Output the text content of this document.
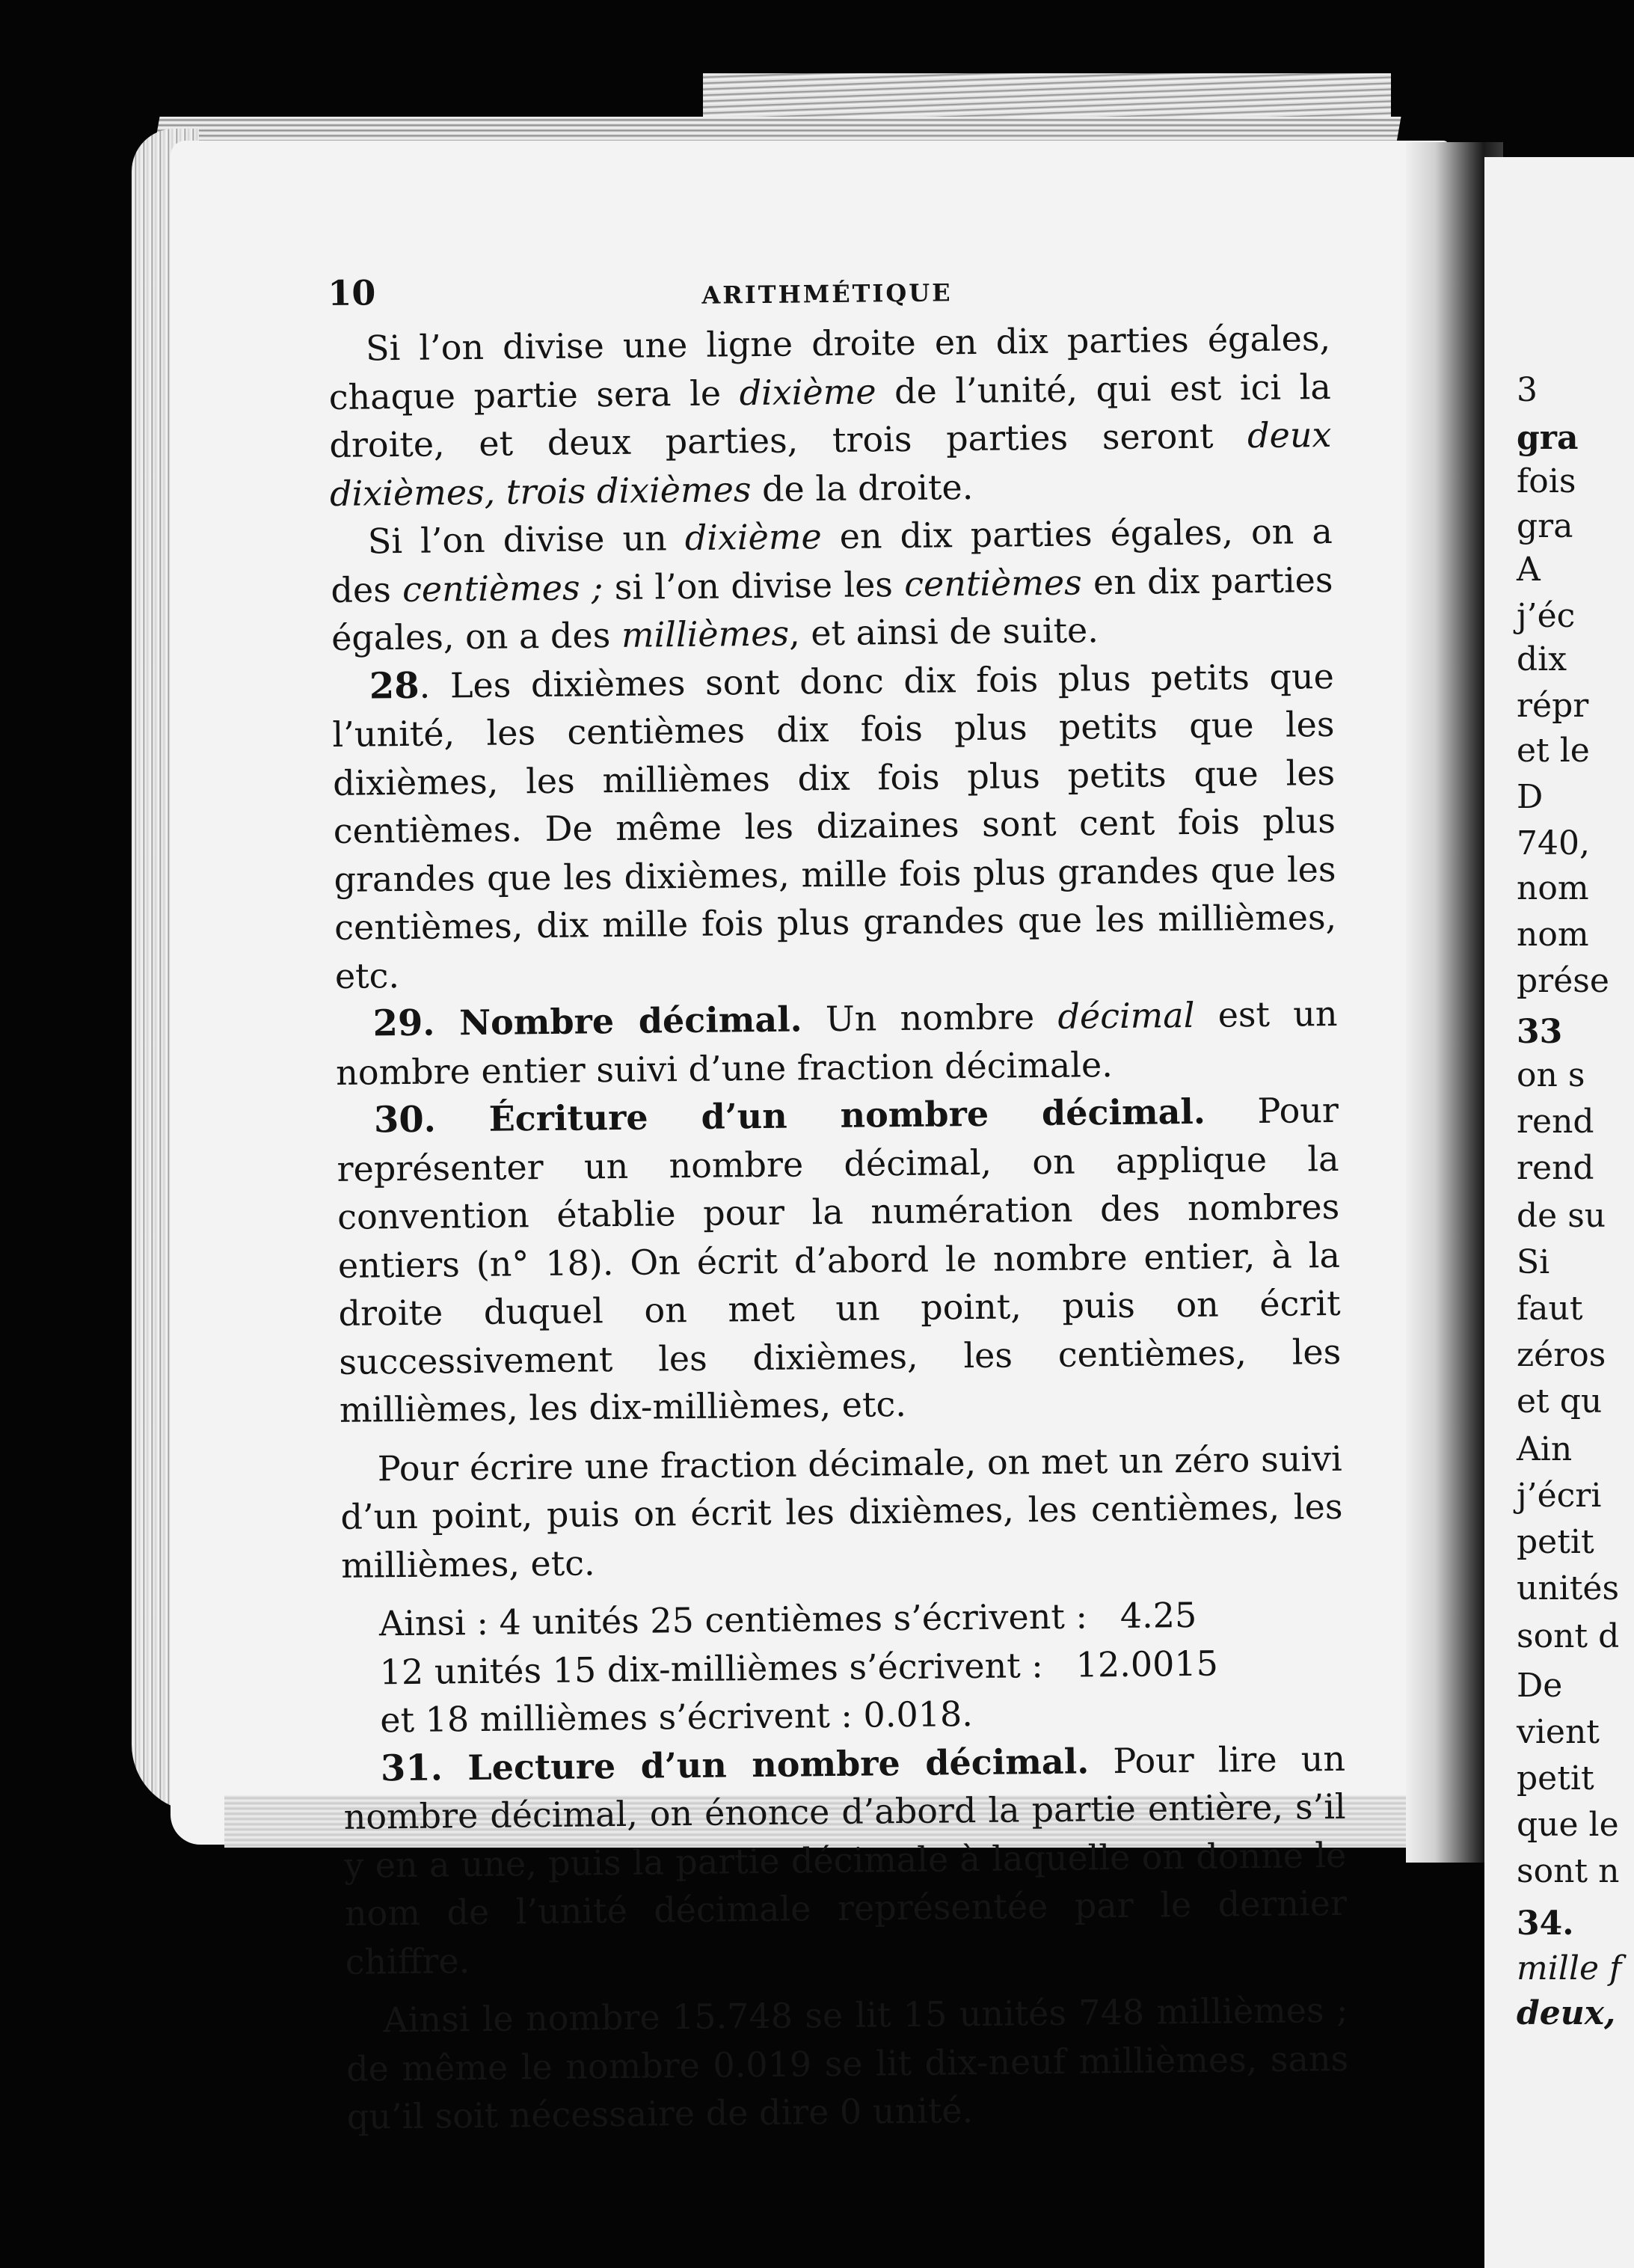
10	ARITHMÉTIQUE

Si l’on divise une ligne droite en dix parties égales, chaque partie sera le dixième de l’unité, qui est ici la droite, et deux parties, trois parties seront deux dixièmes, trois dixièmes de la droite.

Si l’on divise un dixième en dix parties égales, on a des centièmes ; si l’on divise les centièmes en dix parties égales, on a des millièmes, et ainsi de suite.

28. Les dixièmes sont donc dix fois plus petits que l’unité, les centièmes dix fois plus petits que les dixièmes, les millièmes dix fois plus petits que les centièmes. De même les dizaines sont cent fois plus grandes que les dixièmes, mille fois plus grandes que les centièmes, dix mille fois plus grandes que les millièmes, etc.

29. Nombre décimal. Un nombre décimal est un nombre entier suivi d’une fraction décimale.

30. Écriture d’un nombre décimal. Pour représenter un nombre décimal, on applique la convention établie pour la numération des nombres entiers (n° 18). On écrit d’abord le nombre entier, à la droite duquel on met un point, puis on écrit successivement les dixièmes, les centièmes, les millièmes, les dix-millièmes, etc.

Pour écrire une fraction décimale, on met un zéro suivi d’un point, puis on écrit les dixièmes, les centièmes, les millièmes, etc.

Ainsi : 4 unités 25 centièmes s’écrivent : 4.25

12 unités 15 dix-millièmes s’écrivent : 12.0015

et 18 millièmes s’écrivent : 0.018.

31. Lecture d’un nombre décimal. Pour lire un nombre décimal, on énonce d’abord la partie entière, s’il y en a une, puis la partie décimale à laquelle on donne le nom de l’unité décimale représentée par le dernier chiffre.

Ainsi le nombre 15.748 se lit 15 unités 748 millièmes ; de même le nombre 0.019 se lit dix-neuf millièmes, sans qu’il soit nécessaire de dire 0 unité.

3
gra
fois
gra
A
j’éc
dix
répr
et le
D
740,
nom
nom
prése
33
on s
rend
rend
de su
Si
faut
zéros
et qu
Ain
j’écri
petit
unités
sont d
De
vient
petit
que le
sont n
34.
mille f
deux,
